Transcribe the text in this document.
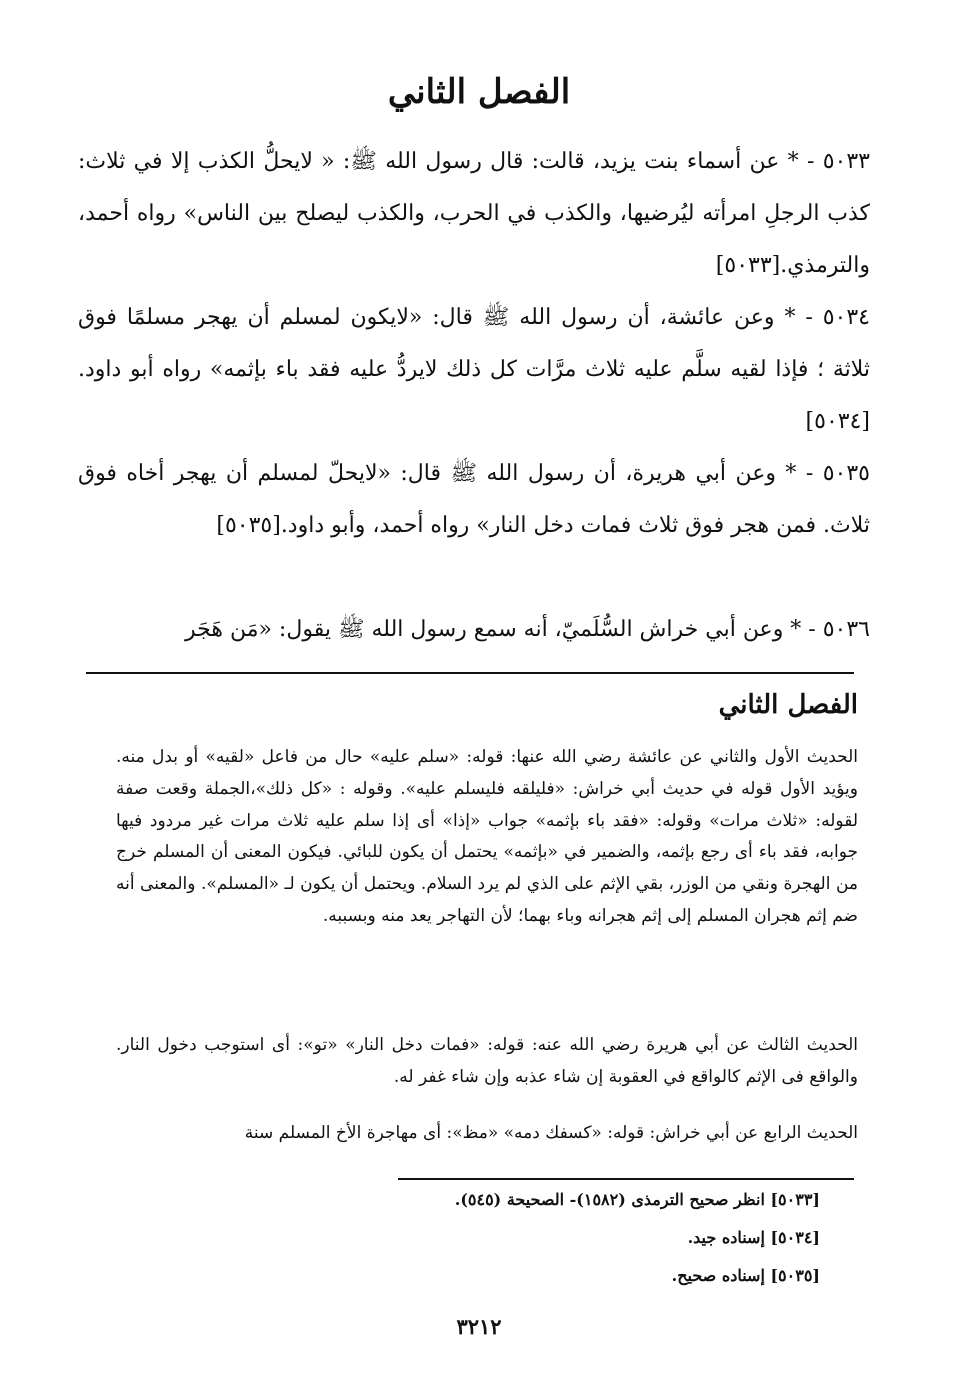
الفصل الثاني
٥٠٣٣ - * عن أسماء بنت يزيد، قالت: قال رسول الله ﷺ: « لايحلُّ الكذب إلا في ثلاث: كذب الرجلِ امرأته ليُرضيها، والكذب في الحرب، والكذب ليصلح بين الناس» رواه أحمد، والترمذي.[٥٠٣٣]
٥٠٣٤ - * وعن عائشة، أن رسول الله ﷺ قال: «لايكون لمسلم أن يهجر مسلمًا فوق ثلاثة ؛ فإذا لقيه سلَّم عليه ثلاث مرَّات كل ذلك لايردُّ عليه فقد باء بإثمه» رواه أبو داود.[٥٠٣٤]
٥٠٣٥ - * وعن أبي هريرة، أن رسول الله ﷺ قال: «لايحلّ لمسلم أن يهجر أخاه فوق ثلاث. فمن هجر فوق ثلاث فمات دخل النار» رواه أحمد، وأبو داود.[٥٠٣٥]
٥٠٣٦ - * وعن أبي خراش السُّلَميّ، أنه سمع رسول الله ﷺ يقول: «مَن هَجَر
الفصل الثاني
الحديث الأول والثاني عن عائشة رضي الله عنها: قوله: «سلم عليه» حال من فاعل «لقيه» أو بدل منه. ويؤيد الأول قوله في حديث أبي خراش: «فليلقه فليسلم عليه». وقوله : «كل ذلك»،الجملة وقعت صفة لقوله: «ثلاث مرات» وقوله: «فقد باء بإثمه» جواب «إذا» أى إذا سلم عليه ثلاث مرات غير مردود فيها جوابه، فقد باء أى رجع بإثمه، والضمير في «بإثمه» يحتمل أن يكون للبائي. فيكون المعنى أن المسلم خرج من الهجرة ونقي من الوزر، بقي الإثم على الذي لم يرد السلام. ويحتمل أن يكون لـ «المسلم». والمعنى أنه ضم إثم هجران المسلم إلى إثم هجرانه وباء بهما؛ لأن التهاجر يعد منه وبسببه.
الحديث الثالث عن أبي هريرة رضي الله عنه: قوله: «فمات دخل النار» «تو»: أى استوجب دخول النار. والواقع فى الإثم كالواقع في العقوبة إن شاء عذبه وإن شاء غفر له.
الحديث الرابع عن أبي خراش: قوله: «كسفك دمه» «مظ»: أى مهاجرة الأخ المسلم سنة
[٥٠٣٣] انظر صحيح الترمذى (١٥٨٢)- الصحيحة (٥٤٥).
[٥٠٣٤] إسناده جيد.
[٥٠٣٥] إسناده صحيح.
٣٢١٢
